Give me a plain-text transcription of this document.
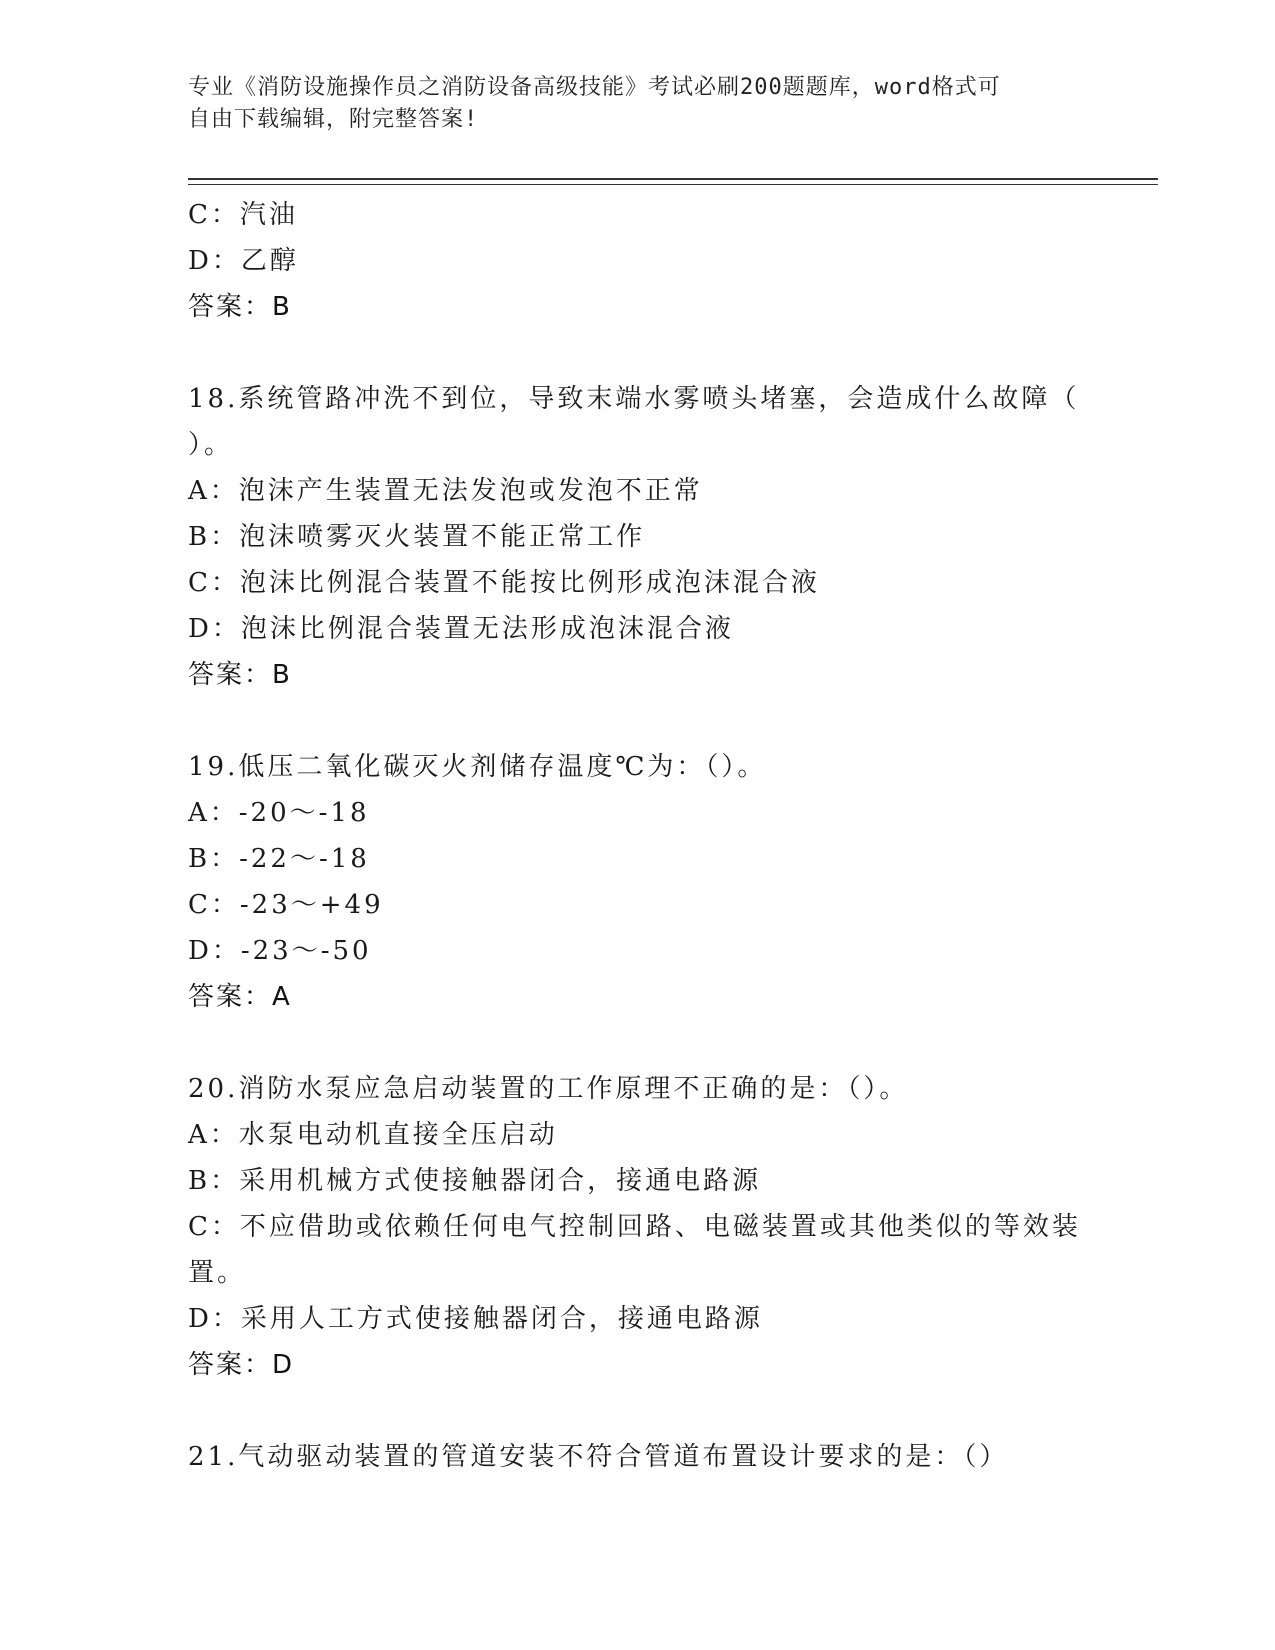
专业《消防设施操作员之消防设备高级技能》考试必刷200题题库，word格式可
自由下载编辑，附完整答案!
C：汽油
D：乙醇
答案：B
18.系统管路冲洗不到位，导致末端水雾喷头堵塞，会造成什么故障（
）。
A：泡沫产生装置无法发泡或发泡不正常
B：泡沫喷雾灭火装置不能正常工作
C：泡沫比例混合装置不能按比例形成泡沫混合液
D：泡沫比例混合装置无法形成泡沫混合液
答案：B
19.低压二氧化碳灭火剂储存温度℃为：（）。
A：-20～-18
B：-22～-18
C：-23～+49
D：-23～-50
答案：A
20.消防水泵应急启动装置的工作原理不正确的是：（）。
A：水泵电动机直接全压启动
B：采用机械方式使接触器闭合，接通电路源
C：不应借助或依赖任何电气控制回路、电磁装置或其他类似的等效装
置。
D：采用人工方式使接触器闭合，接通电路源
答案：D
21.气动驱动装置的管道安装不符合管道布置设计要求的是：（）
